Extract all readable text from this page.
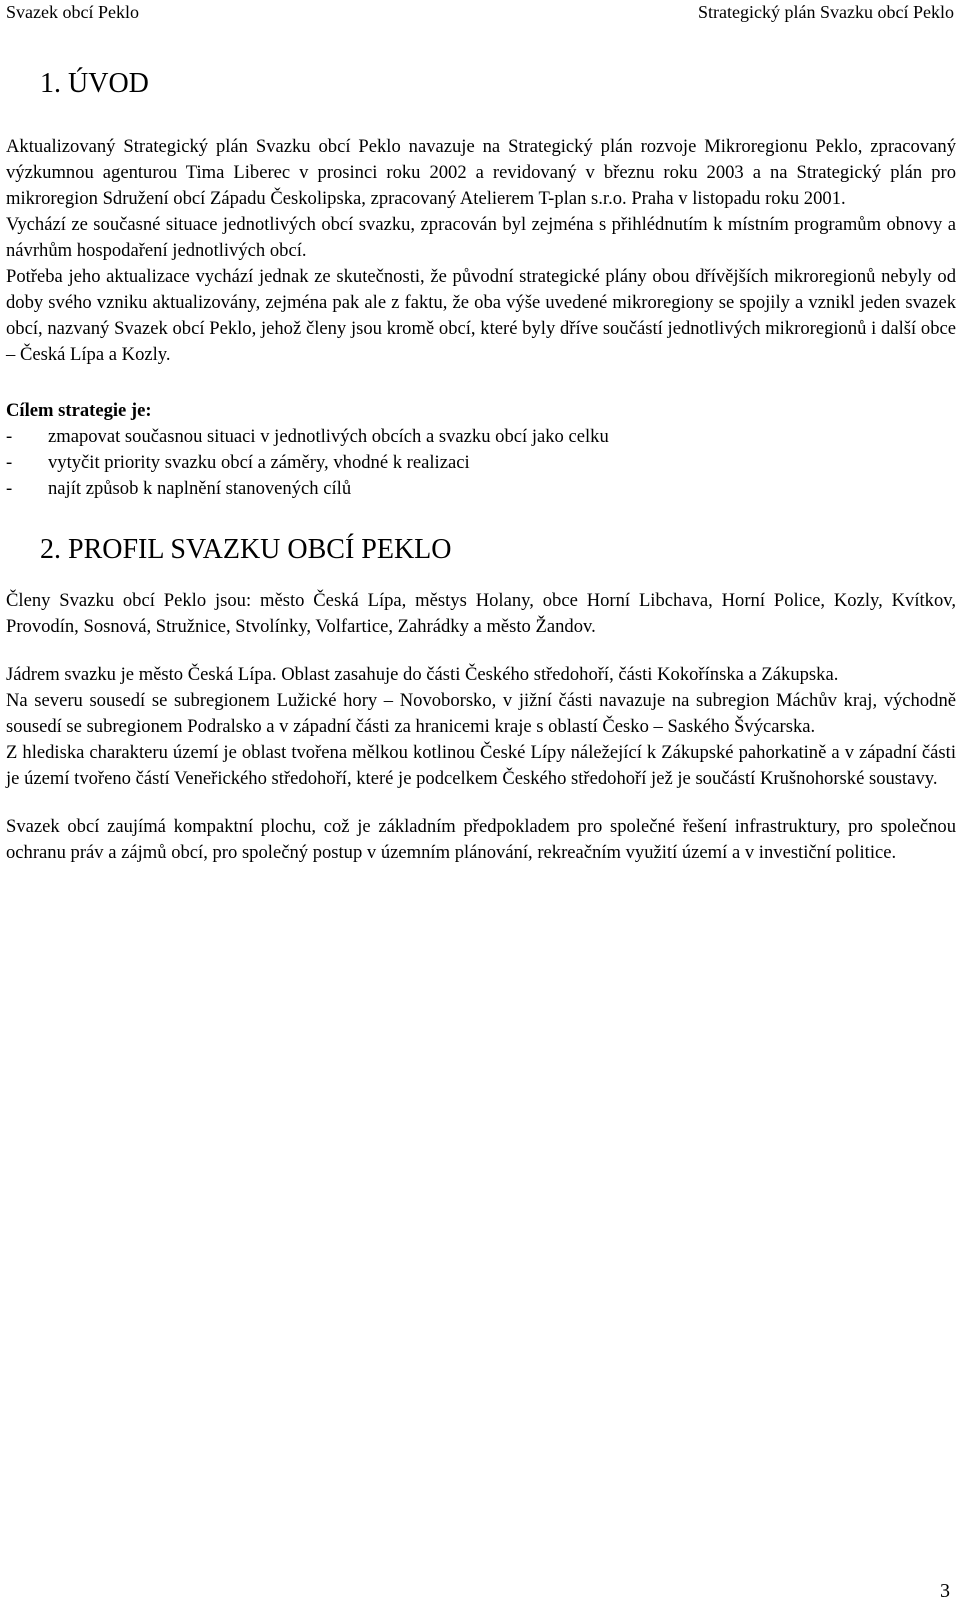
Svazek obcí Peklo	Strategický plán Svazku obcí Peklo
1. ÚVOD

Aktualizovaný Strategický plán Svazku obcí Peklo navazuje na Strategický plán rozvoje Mikroregionu Peklo, zpracovaný výzkumnou agenturou Tima Liberec v prosinci roku 2002 a revidovaný v březnu roku 2003 a na Strategický plán pro mikroregion Sdružení obcí Západu Českolipska, zpracovaný Atelierem T-plan s.r.o. Praha v listopadu roku 2001.

Vychází ze současné situace jednotlivých obcí svazku, zpracován byl zejména s přihlédnutím k místním programům obnovy a návrhům hospodaření jednotlivých obcí.

Potřeba jeho aktualizace vychází jednak ze skutečnosti, že původní strategické plány obou dřívějších mikroregionů nebyly od doby svého vzniku aktualizovány, zejména pak ale z faktu, že oba výše uvedené mikroregiony se spojily a vznikl jeden svazek obcí, nazvaný Svazek obcí Peklo, jehož členy jsou kromě obcí, které byly dříve součástí jednotlivých mikroregionů i další obce – Česká Lípa a Kozly.

Cílem strategie je:

- zmapovat současnou situaci v jednotlivých obcích a svazku obcí jako celku
- vytyčit priority svazku obcí a záměry, vhodné k realizaci
- najít způsob k naplnění stanovených cílů
2. PROFIL SVAZKU OBCÍ PEKLO

Členy Svazku obcí Peklo jsou: město Česká Lípa, městys Holany, obce Horní Libchava, Horní Police, Kozly, Kvítkov, Provodín, Sosnová, Stružnice, Stvolínky, Volfartice, Zahrádky a město Žandov.

Jádrem svazku je město Česká Lípa. Oblast zasahuje do části Českého středohoří, části Kokořínska a Zákupska.

Na severu sousedí se subregionem Lužické hory – Novoborsko, v jižní části navazuje na subregion Máchův kraj, východně sousedí se subregionem Podralsko a v západní části za hranicemi kraje s oblastí Česko – Saského Švýcarska.

Z hlediska charakteru území je oblast tvořena mělkou kotlinou České Lípy náležející k Zákupské pahorkatině a v západní části je území tvořeno částí Veneřického středohoří, které je podcelkem Českého středohoří jež je součástí Krušnohorské soustavy.

Svazek obcí zaujímá kompaktní plochu, což je základním předpokladem pro společné řešení infrastruktury, pro společnou ochranu práv a zájmů obcí, pro společný postup v územním plánování, rekreačním využití území a v investiční politice.

3
